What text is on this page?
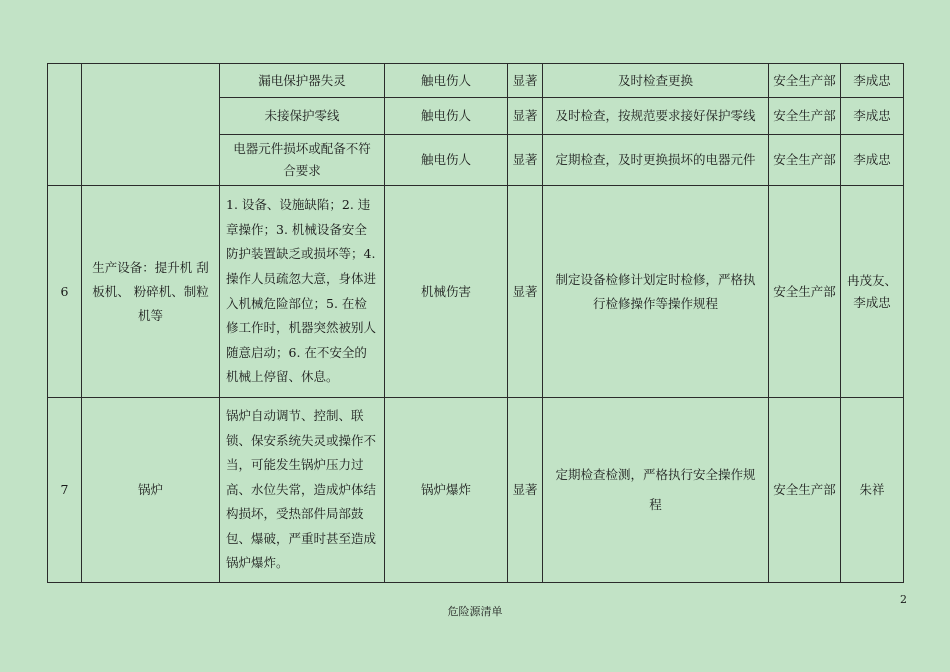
		漏电保护器失灵	触电伤人	显著	及时检查更换	安全生产部	李成忠
		未接保护零线	触电伤人	显著	及时检查，按规范要求接好保护零线	安全生产部	李成忠
		电器元件损坏或配备不符合要求	触电伤人	显著	定期检查，及时更换损坏的电器元件	安全生产部	李成忠
6	生产设备：提升机 刮板机、 粉碎机、制粒机等	1. 设备、设施缺陷；2. 违章操作；3. 机械设备安全防护装置缺乏或损坏等；4. 操作人员疏忽大意，身体进入机械危险部位；5. 在检修工作时，机器突然被别人随意启动；6. 在不安全的机械上停留、休息。	机械伤害	显著	制定设备检修计划定时检修，严格执行检修操作等操作规程	安全生产部	冉茂友、李成忠
7	锅炉	锅炉自动调节、控制、联锁、保安系统失灵或操作不当，可能发生锅炉压力过高、水位失常，造成炉体结构损坏，受热部件局部鼓包、爆破，严重时甚至造成锅炉爆炸。	锅炉爆炸	显著	定期检查检测，严格执行安全操作规程	安全生产部	朱祥
2
危险源清单
